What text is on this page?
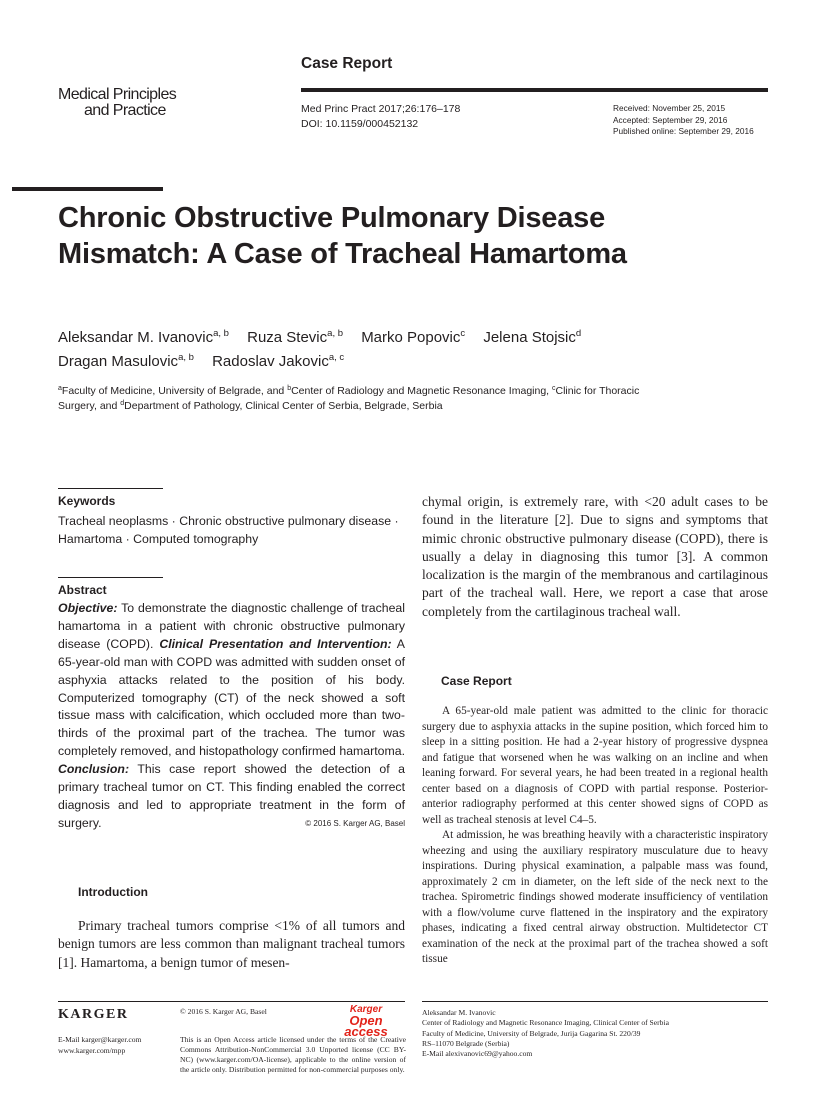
Medical Principles
and Practice
Case Report
Med Princ Pract 2017;26:176–178
DOI: 10.1159/000452132
Received: November 25, 2015
Accepted: September 29, 2016
Published online: September 29, 2016
Chronic Obstructive Pulmonary Disease Mismatch: A Case of Tracheal Hamartoma
Aleksandar M. Ivanovic$^{a, b}$ Ruza Stevic$^{a, b}$ Marko Popovic$^c$ Jelena Stojsic$^d$
Dragan Masulovic$^{a, b}$ Radoslav Jakovic$^{a, c}$
$^a$Faculty of Medicine, University of Belgrade, and $^b$Center of Radiology and Magnetic Resonance Imaging, $^c$Clinic for Thoracic Surgery, and $^d$Department of Pathology, Clinical Center of Serbia, Belgrade, Serbia
Keywords
Tracheal neoplasms · Chronic obstructive pulmonary disease · Hamartoma · Computed tomography
Abstract
Objective: To demonstrate the diagnostic challenge of tracheal hamartoma in a patient with chronic obstructive pulmonary disease (COPD). Clinical Presentation and Intervention: A 65-year-old man with COPD was admitted with sudden onset of asphyxia attacks related to the position of his body. Computerized tomography (CT) of the neck showed a soft tissue mass with calcification, which occluded more than two-thirds of the proximal part of the trachea. The tumor was completely removed, and histopathology confirmed hamartoma. Conclusion: This case report showed the detection of a primary tracheal tumor on CT. This finding enabled the correct diagnosis and led to appropriate treatment in the form of surgery.	© 2016 S. Karger AG, Basel
Introduction
Primary tracheal tumors comprise <1% of all tumors and benign tumors are less common than malignant tracheal tumors [1]. Hamartoma, a benign tumor of mesen-
chymal origin, is extremely rare, with <20 adult cases to be found in the literature [2]. Due to signs and symptoms that mimic chronic obstructive pulmonary disease (COPD), there is usually a delay in diagnosing this tumor [3]. A common localization is the margin of the membranous and cartilaginous part of the tracheal wall. Here, we report a case that arose completely from the cartilaginous tracheal wall.
Case Report

A 65-year-old male patient was admitted to the clinic for thoracic surgery due to asphyxia attacks in the supine position, which forced him to sleep in a sitting position. He had a 2-year history of progressive dyspnea and fatigue that worsened when he was walking on an incline and when leaning forward. For several years, he had been treated in a regional health center based on a diagnosis of COPD with partial response. Posterior-anterior radiography performed at this center showed signs of COPD as well as tracheal stenosis at level C4–5.

At admission, he was breathing heavily with a characteristic inspiratory wheezing and using the auxiliary respiratory musculature due to heavy inspirations. During physical examination, a palpable mass was found, approximately 2 cm in diameter, on the left side of the neck next to the trachea. Spirometric findings showed moderate insufficiency of ventilation with a flow/volume curve flattened in the inspiratory and the expiratory phases, indicating a fixed central airway obstruction. Multidetector CT examination of the neck at the proximal part of the trachea showed a soft tissue

KARGER
E-Mail karger@karger.com
www.karger.com/mpp
© 2016 S. Karger AG, Basel	Karger
Open access
This is an Open Access article licensed under the terms of the Creative Commons Attribution-NonCommercial 3.0 Unported license (CC BY-NC) (www.karger.com/OA-license), applicable to the online version of the article only. Distribution permitted for non-commercial purposes only.
Aleksandar M. Ivanovic
Center of Radiology and Magnetic Resonance Imaging, Clinical Center of Serbia
Faculty of Medicine, University of Belgrade, Jurija Gagarina St. 220/39
RS–11070 Belgrade (Serbia)
E-Mail alexivanovic69@yahoo.com
